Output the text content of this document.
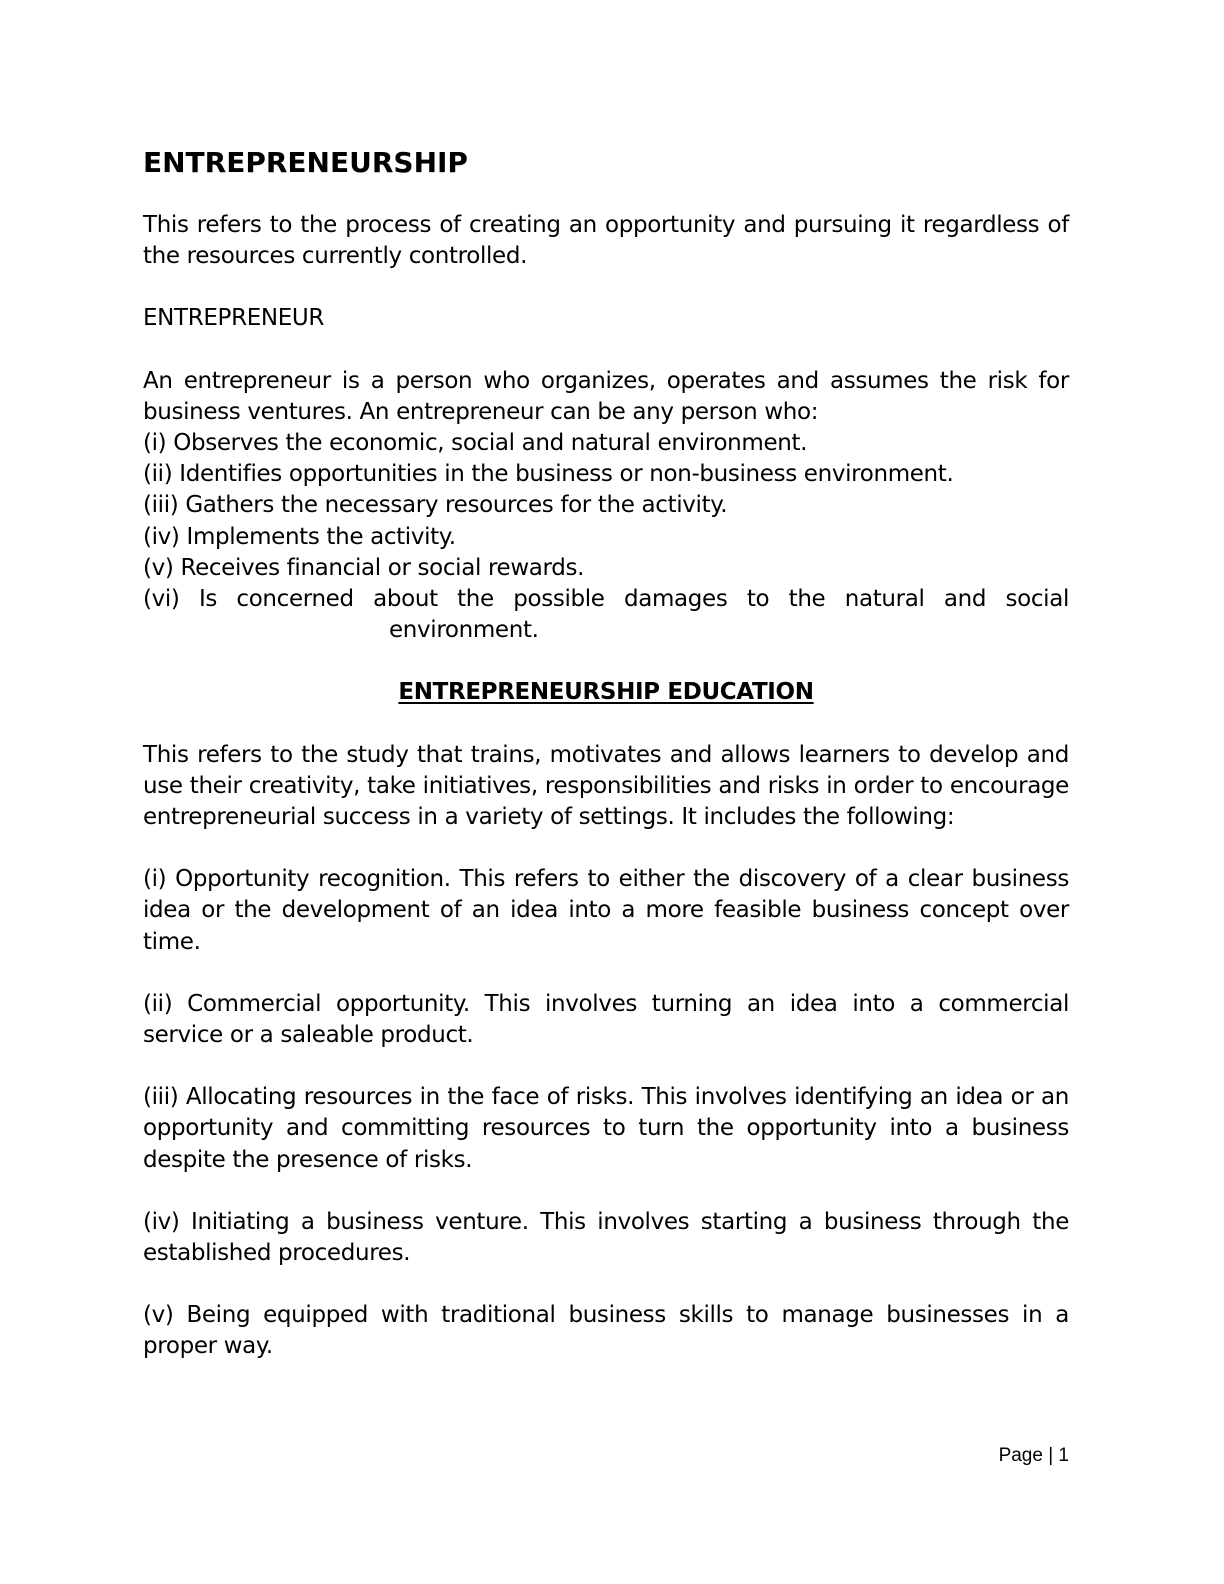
ENTREPRENEURSHIP

This refers to the process of creating an opportunity and pursuing it regardless of the resources currently controlled.

ENTREPRENEUR

An entrepreneur is a person who organizes, operates and assumes the risk for business ventures. An entrepreneur can be any person who:

(i) Observes the economic, social and natural environment.
(ii) Identifies opportunities in the business or non-business environment.
(iii) Gathers the necessary resources for the activity.
(iv) Implements the activity.
(v) Receives financial or social rewards.
(vi) Is concerned about the possible damages to the natural and social
environment.
ENTREPRENEURSHIP EDUCATION

This refers to the study that trains, motivates and allows learners to develop and use their creativity, take initiatives, responsibilities and risks in order to encourage entrepreneurial success in a variety of settings. It includes the following:

(i) Opportunity recognition. This refers to either the discovery of a clear business idea or the development of an idea into a more feasible business concept over time.

(ii) Commercial opportunity. This involves turning an idea into a commercial service or a saleable product.

(iii) Allocating resources in the face of risks. This involves identifying an idea or an opportunity and committing resources to turn the opportunity into a business despite the presence of risks.

(iv) Initiating a business venture. This involves starting a business through the established procedures.

(v) Being equipped with traditional business skills to manage businesses in a proper way.

Page | 1
